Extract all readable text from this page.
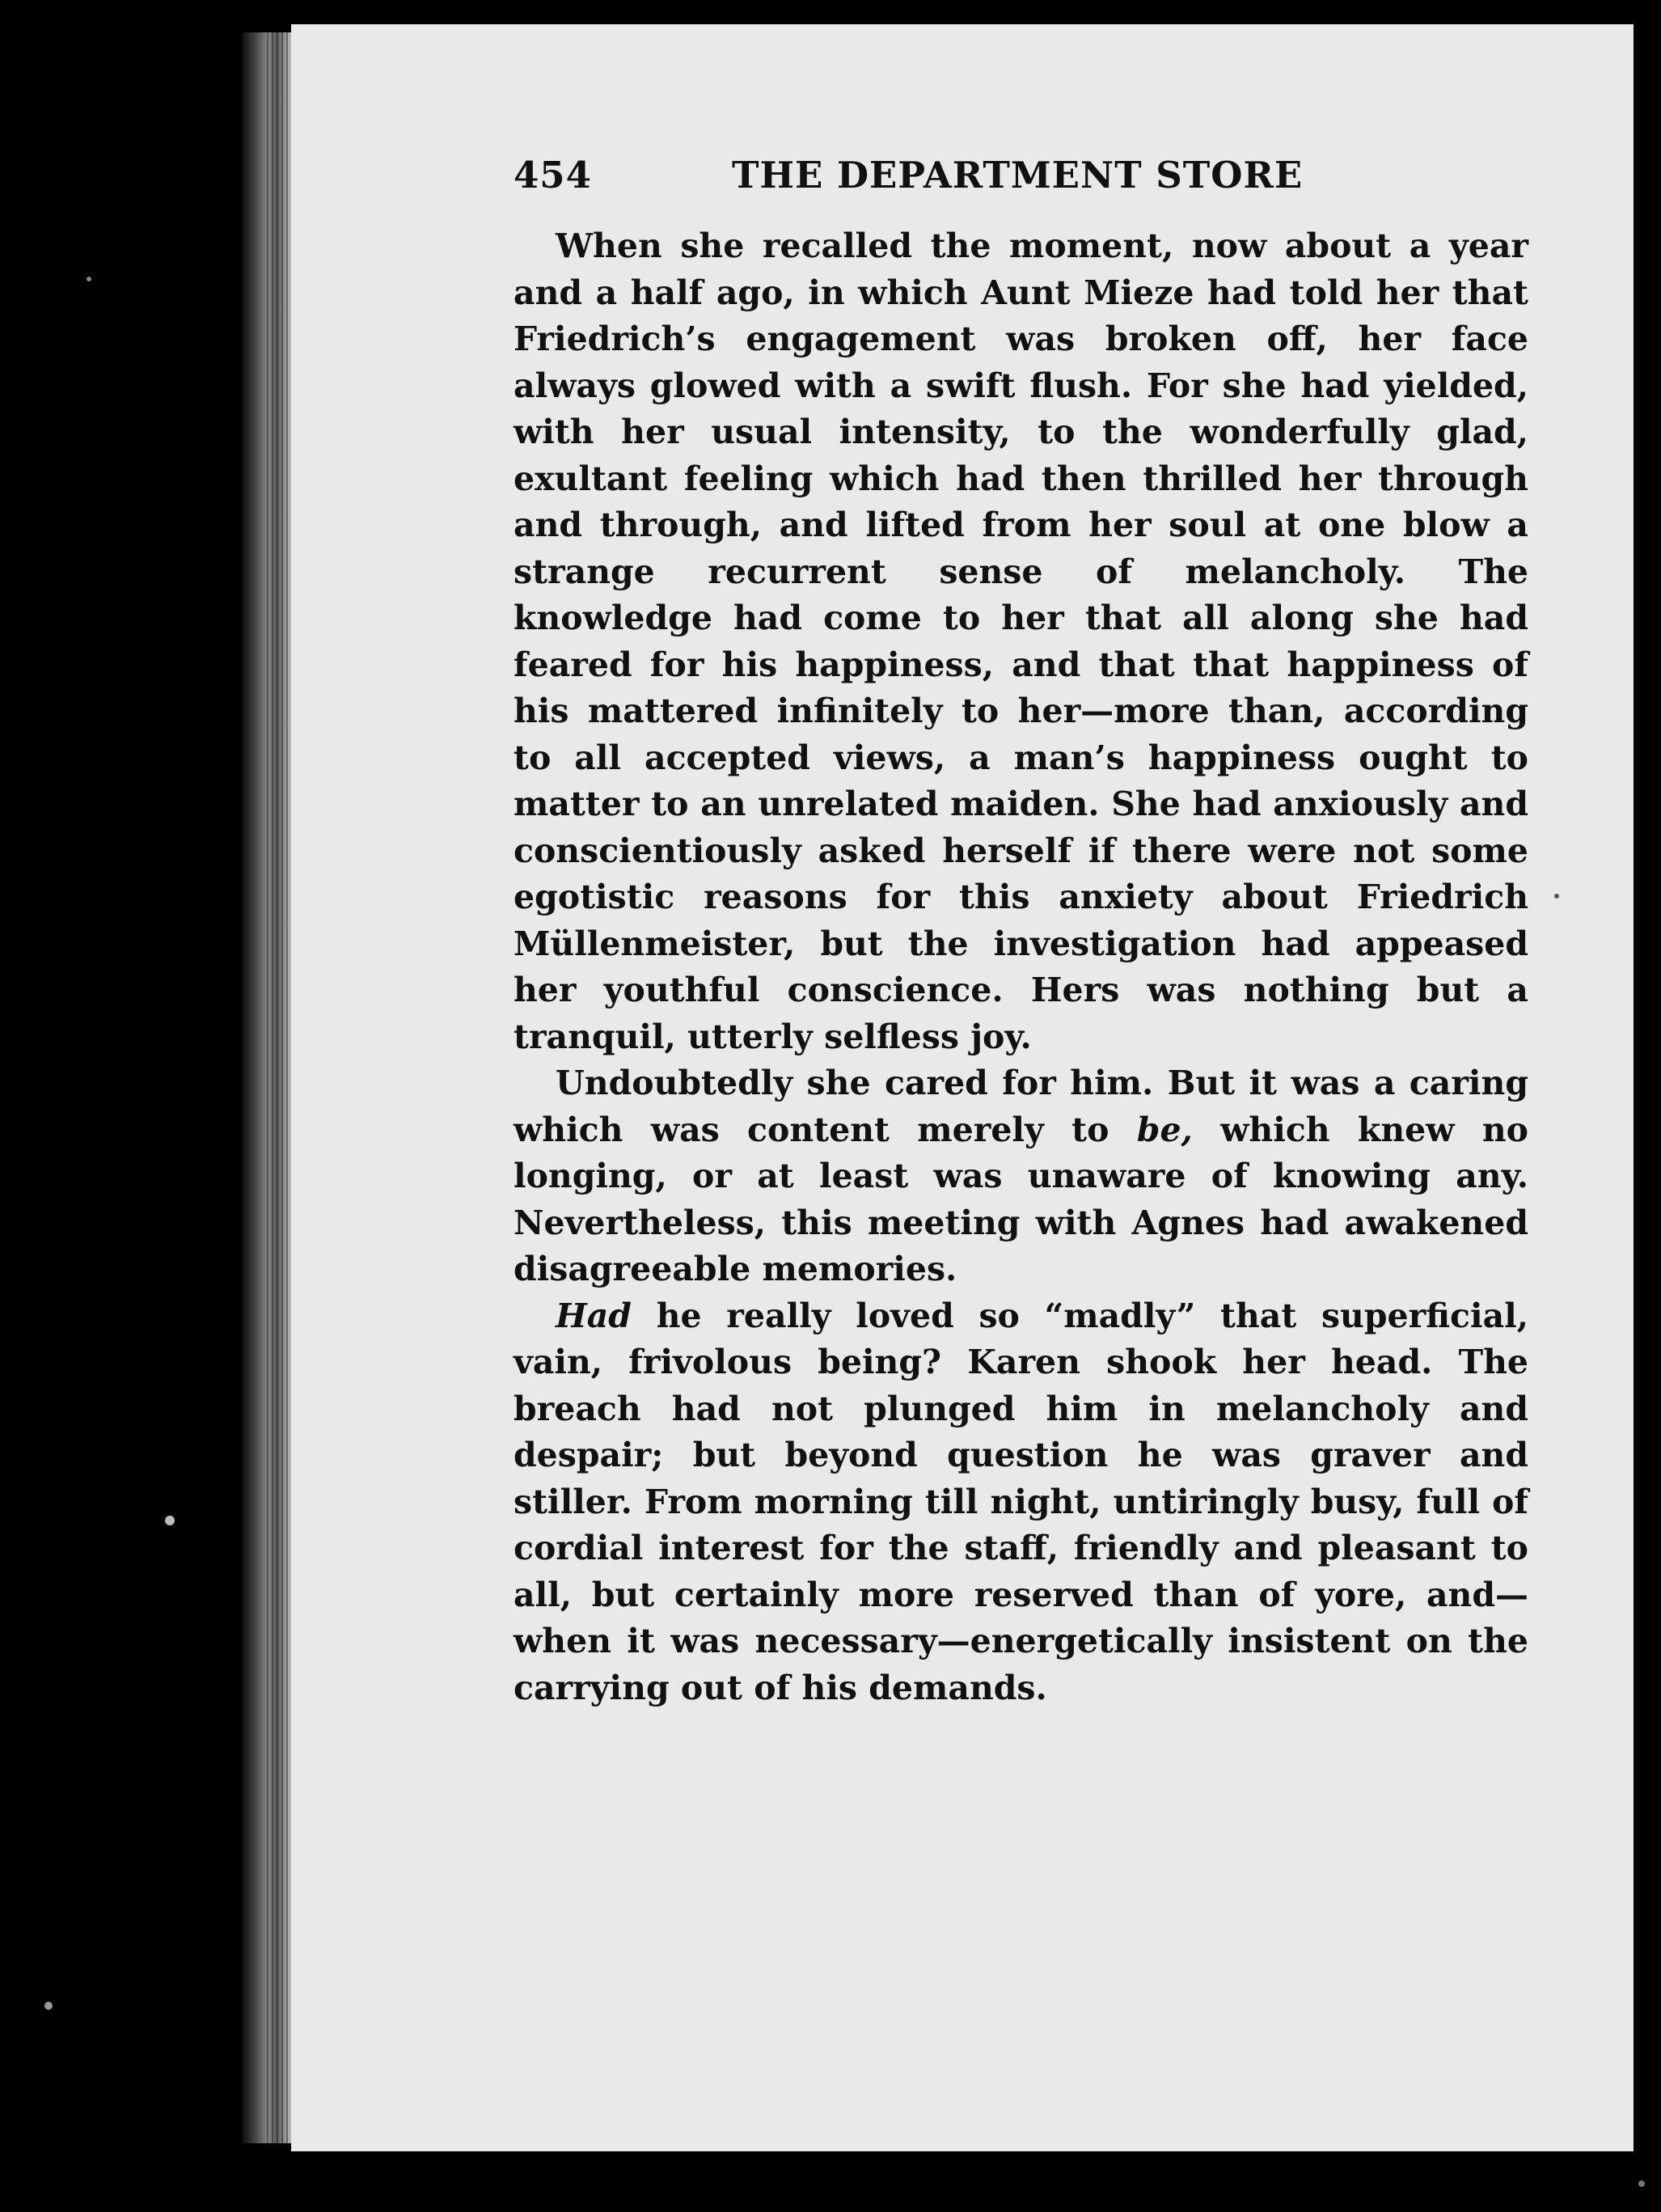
454	THE DEPARTMENT STORE

When she recalled the moment, now about a year and a half ago, in which Aunt Mieze had told her that Friedrich’s engagement was broken off, her face always glowed with a swift flush. For she had yielded, with her usual intensity, to the wonderfully glad, exultant feeling which had then thrilled her through and through, and lifted from her soul at one blow a strange recurrent sense of melancholy. The knowledge had come to her that all along she had feared for his happiness, and that that happiness of his mattered infinitely to her—more than, according to all accepted views, a man’s happiness ought to matter to an unrelated maiden. She had anxiously and conscientiously asked herself if there were not some egotistic reasons for this anxiety about Friedrich Müllenmeister, but the investigation had appeased her youthful conscience. Hers was nothing but a tranquil, utterly selfless joy.

Undoubtedly she cared for him. But it was a caring which was content merely to be, which knew no longing, or at least was unaware of knowing any. Nevertheless, this meeting with Agnes had awakened disagreeable memories.

Had he really loved so “madly” that superficial, vain, frivolous being? Karen shook her head. The breach had not plunged him in melancholy and despair; but beyond question he was graver and stiller. From morning till night, untiringly busy, full of cordial interest for the staff, friendly and pleasant to all, but certainly more reserved than of yore, and—when it was necessary—energetically insistent on the carrying out of his demands.
